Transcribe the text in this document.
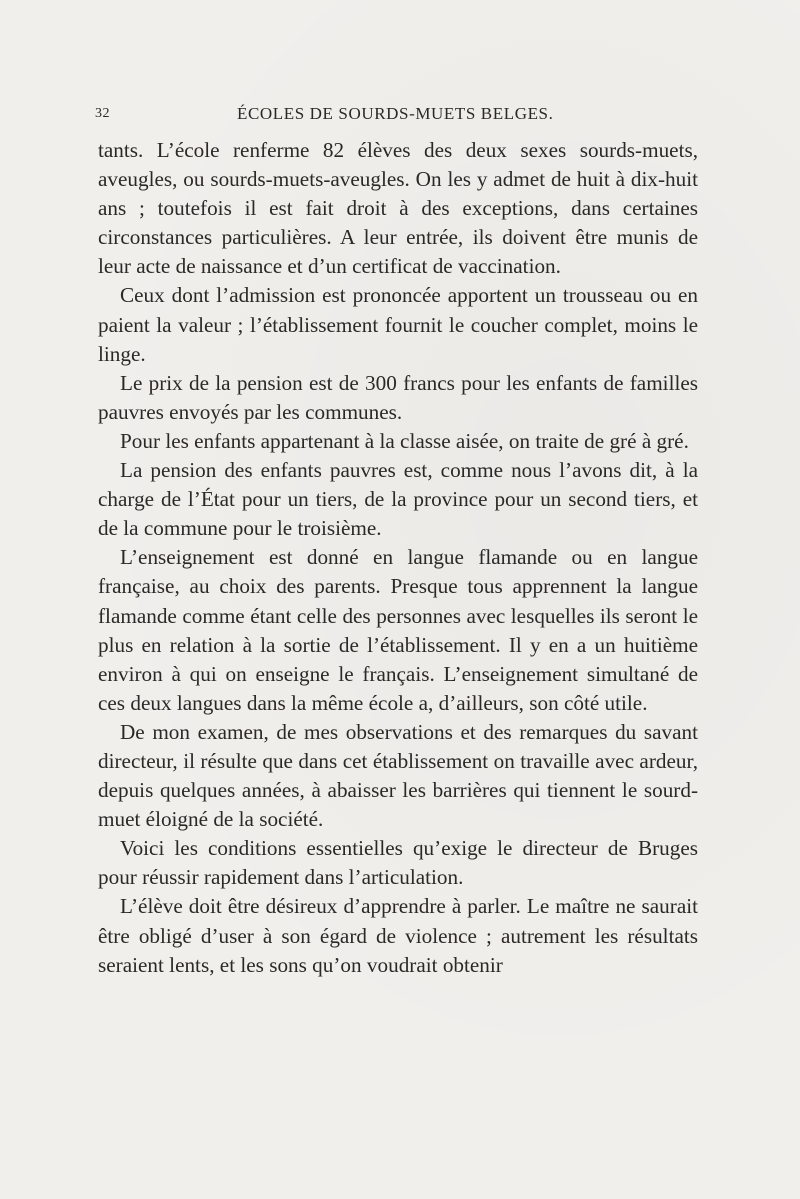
32	ÉCOLES DE SOURDS-MUETS BELGES.

tants. L’école renferme 82 élèves des deux sexes sourds-muets, aveugles, ou sourds-muets-aveugles. On les y admet de huit à dix-huit ans ; toutefois il est fait droit à des exceptions, dans certaines circonstances particulières. A leur entrée, ils doivent être munis de leur acte de naissance et d’un certificat de vaccination.

Ceux dont l’admission est prononcée apportent un trousseau ou en paient la valeur ; l’établissement fournit le coucher complet, moins le linge.

Le prix de la pension est de 300 francs pour les enfants de familles pauvres envoyés par les communes.

Pour les enfants appartenant à la classe aisée, on traite de gré à gré.

La pension des enfants pauvres est, comme nous l’avons dit, à la charge de l’État pour un tiers, de la province pour un second tiers, et de la commune pour le troisième.

L’enseignement est donné en langue flamande ou en langue française, au choix des parents. Presque tous apprennent la langue flamande comme étant celle des personnes avec lesquelles ils seront le plus en relation à la sortie de l’établissement. Il y en a un huitième environ à qui on enseigne le français. L’enseignement simultané de ces deux langues dans la même école a, d’ailleurs, son côté utile.

De mon examen, de mes observations et des remarques du savant directeur, il résulte que dans cet établissement on travaille avec ardeur, depuis quelques années, à abaisser les barrières qui tiennent le sourd-muet éloigné de la société.

Voici les conditions essentielles qu’exige le directeur de Bruges pour réussir rapidement dans l’articulation.

L’élève doit être désireux d’apprendre à parler. Le maître ne saurait être obligé d’user à son égard de violence ; autrement les résultats seraient lents, et les sons qu’on voudrait obtenir
